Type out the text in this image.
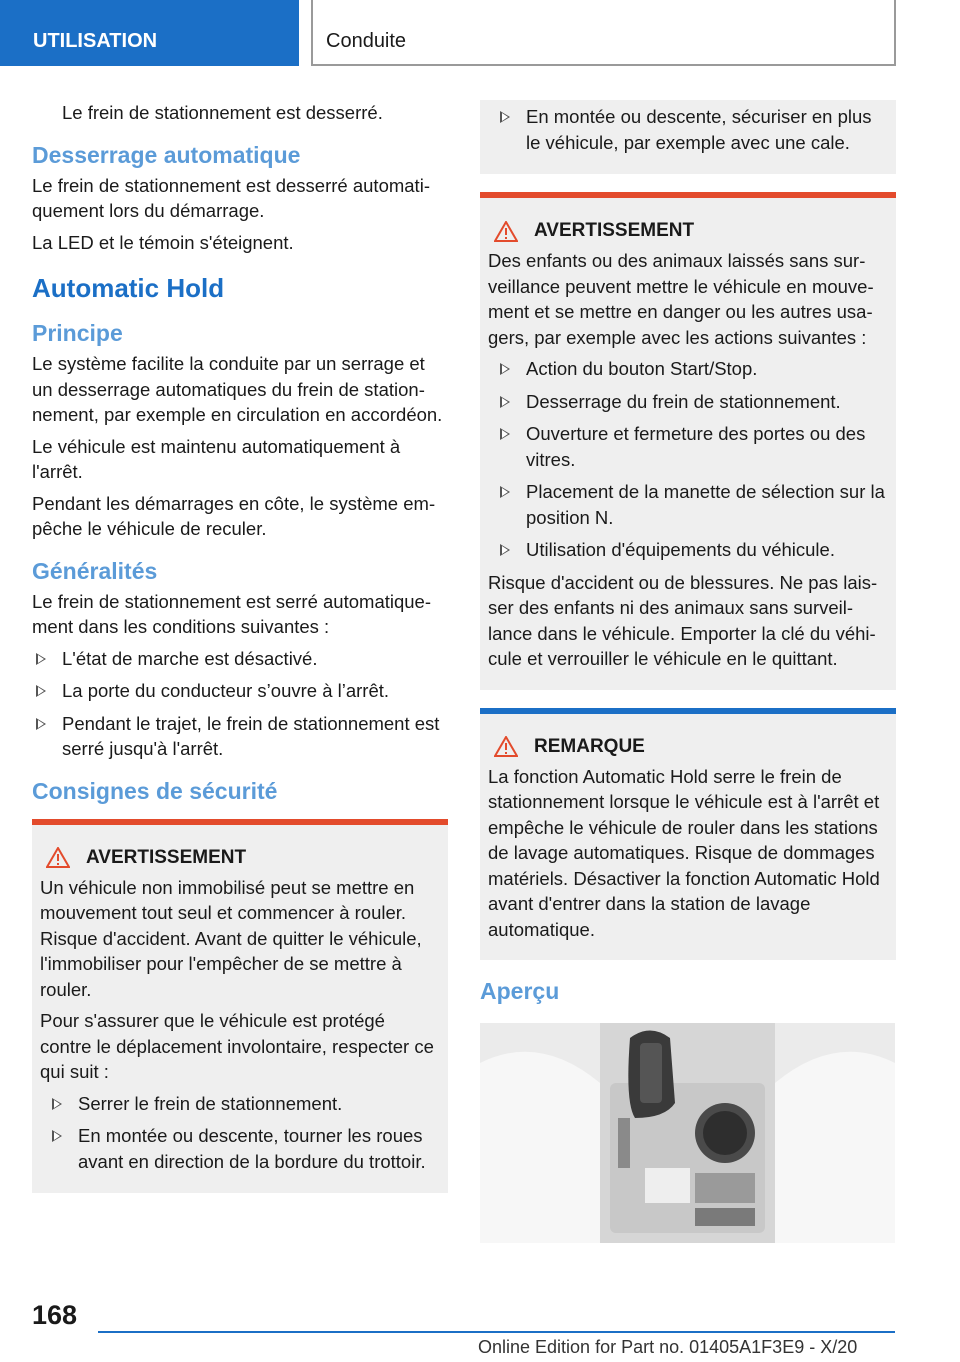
UTILISATION	Conduite

Le frein de stationnement est desserré.

Desserrage automatique

Le frein de stationnement est desserré automatiquement lors du démarrage.

La LED et le témoin s'éteignent.

Automatic Hold
Principe

Le système facilite la conduite par un serrage et un desserrage automatiques du frein de stationnement, par exemple en circulation en accordéon.

Le véhicule est maintenu automatiquement à l'arrêt.

Pendant les démarrages en côte, le système empêche le véhicule de reculer.

Généralités

Le frein de stationnement est serré automatiquement dans les conditions suivantes :

L'état de marche est désactivé.
La porte du conducteur s’ouvre à l’arrêt.
Pendant le trajet, le frein de stationnement est serré jusqu'à l'arrêt.
Consignes de sécurité
AVERTISSEMENT

Un véhicule non immobilisé peut se mettre en mouvement tout seul et commencer à rouler. Risque d'accident. Avant de quitter le véhicule, l'immobiliser pour l'empêcher de se mettre à rouler.

Pour s'assurer que le véhicule est protégé contre le déplacement involontaire, respecter ce qui suit :

Serrer le frein de stationnement.
En montée ou descente, tourner les roues avant en direction de la bordure du trottoir.
En montée ou descente, sécuriser en plus le véhicule, par exemple avec une cale.
AVERTISSEMENT

Des enfants ou des animaux laissés sans surveillance peuvent mettre le véhicule en mouvement et se mettre en danger ou les autres usagers, par exemple avec les actions suivantes :

Action du bouton Start/Stop.
Desserrage du frein de stationnement.
Ouverture et fermeture des portes ou des vitres.
Placement de la manette de sélection sur la position N.
Utilisation d'équipements du véhicule.

Risque d'accident ou de blessures. Ne pas laisser des enfants ni des animaux sans surveillance dans le véhicule. Emporter la clé du véhicule et verrouiller le véhicule en le quittant.

REMARQUE

La fonction Automatic Hold serre le frein de stationnement lorsque le véhicule est à l'arrêt et empêche le véhicule de rouler dans les stations de lavage automatiques. Risque de dommages matériels. Désactiver la fonction Automatic Hold avant d'entrer dans la station de lavage automatique.

Aperçu
168
Online Edition for Part no. 01405A1F3E9 - X/20
